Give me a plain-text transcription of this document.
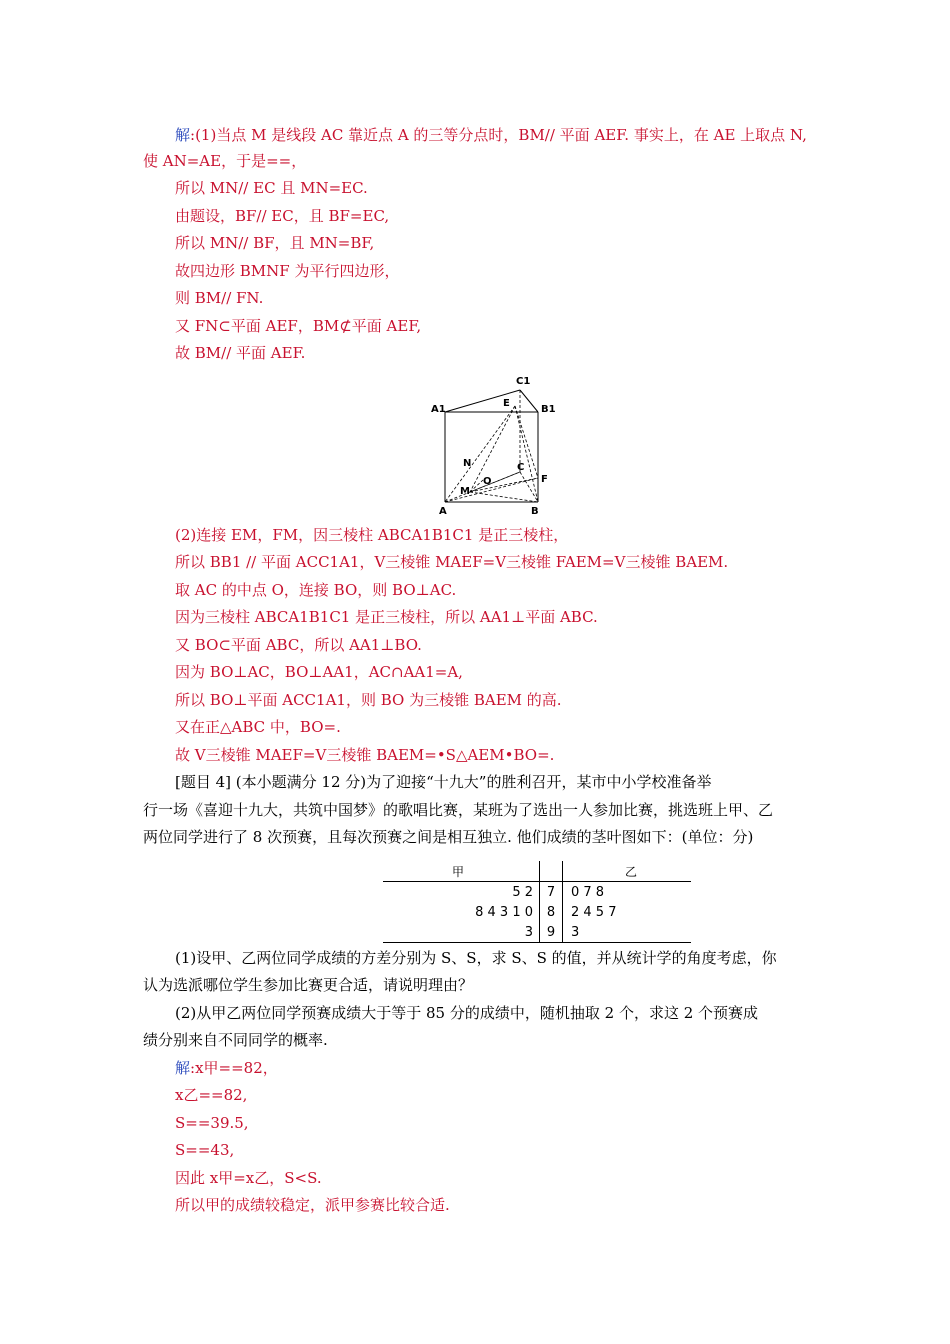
解:(1)当点 M 是线段 AC 靠近点 A 的三等分点时，BM// 平面 AEF. 事实上，在 AE 上取点 N,
使 AN=AE，于是==，
所以 MN// EC 且 MN=EC.
由题设，BF// EC，且 BF=EC,
所以 MN// BF，且 MN=BF,
故四边形 BMNF 为平行四边形，
则 BM// FN.
又 FN⊂平面 AEF，BM⊄平面 AEF,
故 BM// 平面 AEF.
C1
A1
E
B1
N	C
M
O	F
A	B
(2)连接 EM，FM，因三棱柱 ABCA1B1C1 是正三棱柱，
所以 BB1 // 平面 ACC1A1，V三棱锥 MAEF=V三棱锥 FAEM=V三棱锥 BAEM.
取 AC 的中点 O，连接 BO，则 BO⊥AC.
因为三棱柱 ABCA1B1C1 是正三棱柱，所以 AA1⊥平面 ABC.
又 BO⊂平面 ABC，所以 AA1⊥BO.
因为 BO⊥AC，BO⊥AA1，AC∩AA1=A,
所以 BO⊥平面 ACC1A1，则 BO 为三棱锥 BAEM 的高.
又在正△ABC 中，BO=.
故 V三棱锥 MAEF=V三棱锥 BAEM=•S△AEM•BO=.
[题目 4] (本小题满分 12 分)为了迎接“十九大”的胜利召开，某市中小学校准备举
行一场《喜迎十九大，共筑中国梦》的歌唱比赛，某班为了选出一人参加比赛，挑选班上甲、乙
两位同学进行了 8 次预赛，且每次预赛之间是相互独立. 他们成绩的茎叶图如下：(单位：分)
甲		乙
5 2	7	0 7 8
8 4 3 1 0	8	2 4 5 7
3	9	3
(1)设甲、乙两位同学成绩的方差分别为 S、S，求 S、S 的值，并从统计学的角度考虑，你
认为选派哪位学生参加比赛更合适，请说明理由？
(2)从甲乙两位同学预赛成绩大于等于 85 分的成绩中，随机抽取 2 个，求这 2 个预赛成
绩分别来自不同同学的概率.
解:x甲==82，
x乙==82,
S==39.5,
S==43,
因此 x甲=x乙，S<S.
所以甲的成绩较稳定，派甲参赛比较合适.
